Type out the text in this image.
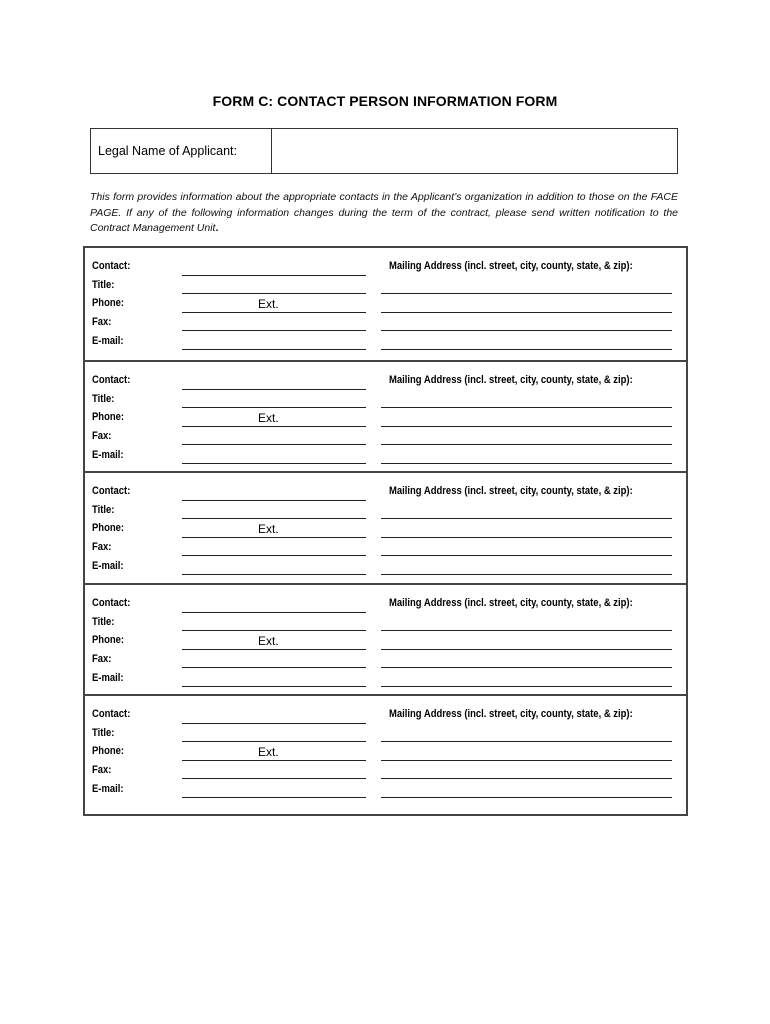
FORM C: CONTACT PERSON INFORMATION FORM
Legal Name of Applicant:
This form provides information about the appropriate contacts in the Applicant’s organization in addition to those on the FACE PAGE. If any of the following information changes during the term of the contract, please send written notification to the Contract Management Unit.
Contact:
Title:
Phone:
Fax:
E-mail:
Ext.
Mailing Address (incl. street, city, county, state, & zip):
Contact:
Title:
Phone:
Fax:
E-mail:
Ext.
Mailing Address (incl. street, city, county, state, & zip):
Contact:
Title:
Phone:
Fax:
E-mail:
Ext.
Mailing Address (incl. street, city, county, state, & zip):
Contact:
Title:
Phone:
Fax:
E-mail:
Ext.
Mailing Address (incl. street, city, county, state, & zip):
Contact:
Title:
Phone:
Fax:
E-mail:
Ext.
Mailing Address (incl. street, city, county, state, & zip):
